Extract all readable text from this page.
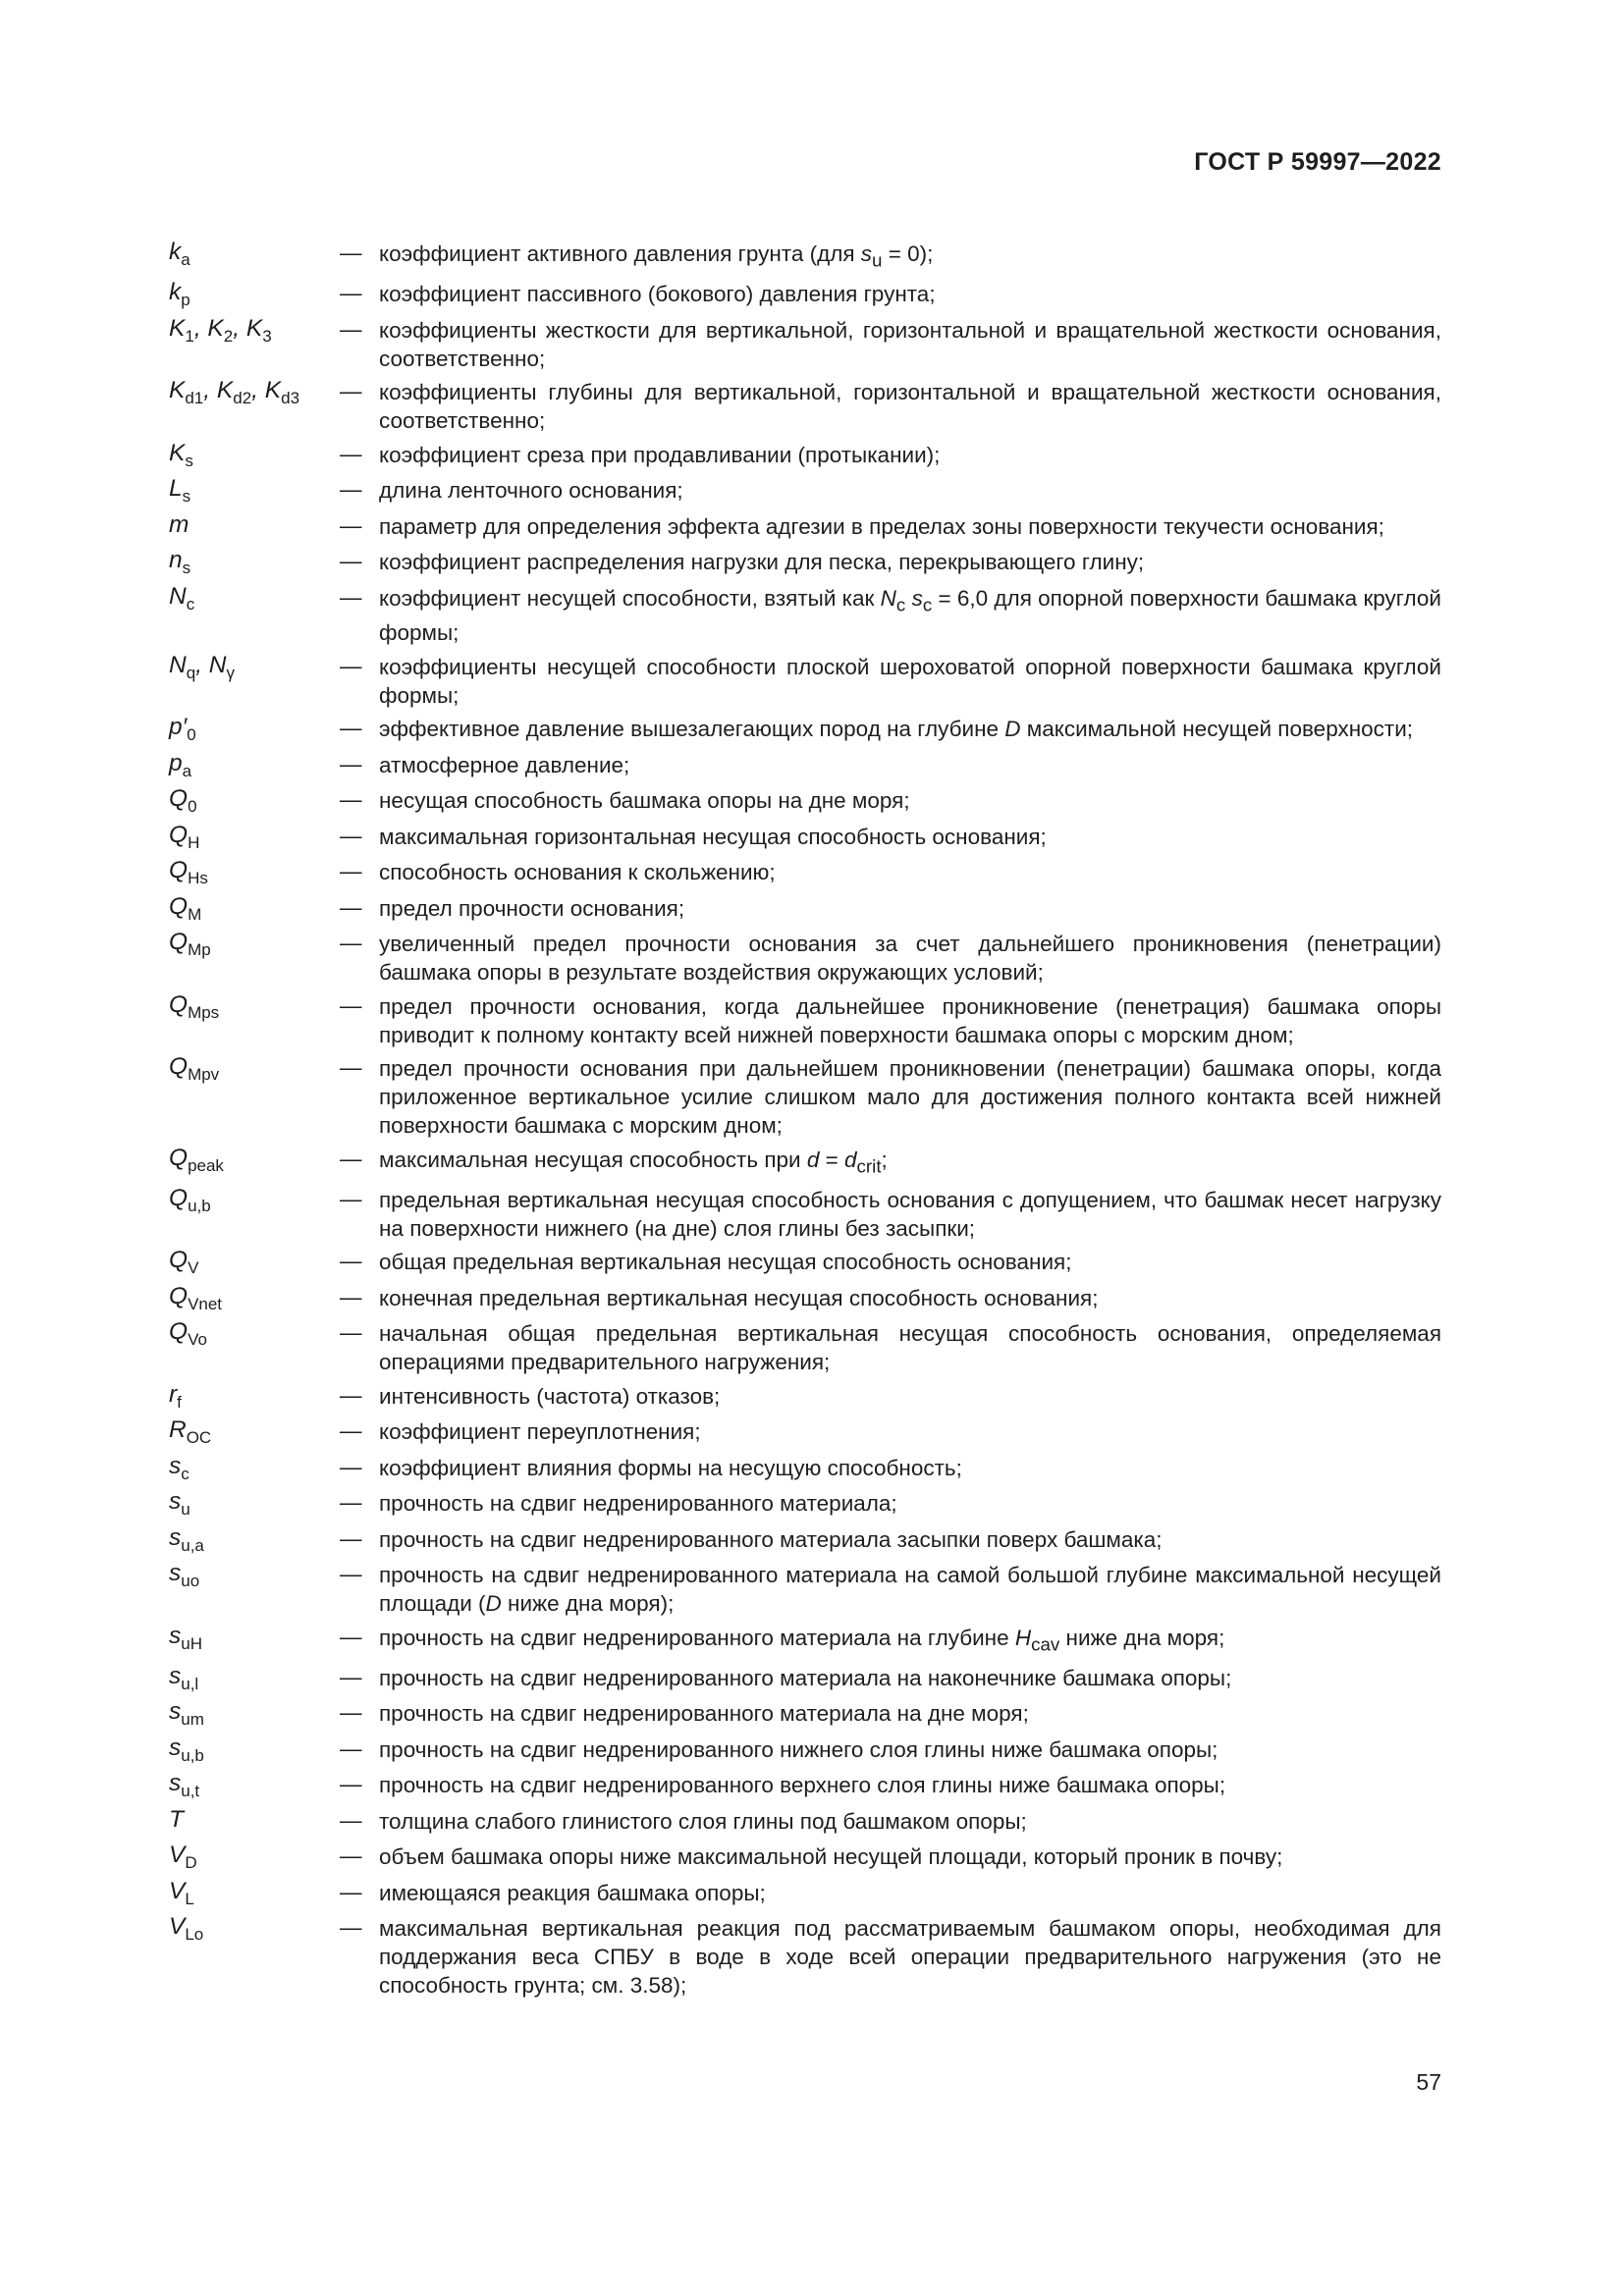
ГОСТ Р 59997—2022
$k_a$	— коэффициент активного давления грунта (для $s_u = 0$);
$k_p$	— коэффициент пассивного (бокового) давления грунта;
$K_1$, $K_2$, $K_3$	— коэффициенты жесткости для вертикальной, горизонтальной и вращательной жесткости основания, соответственно;
$K_{d1}$, $K_{d2}$, $K_{d3}$	— коэффициенты глубины для вертикальной, горизонтальной и вращательной жесткости основания, соответственно;
$K_s$	— коэффициент среза при продавливании (протыкании);
$L_s$	— длина ленточного основания;
m	— параметр для определения эффекта адгезии в пределах зоны поверхности текучести основания;
$n_s$	— коэффициент распределения нагрузки для песка, перекрывающего глину;
$N_c$	— коэффициент несущей способности, взятый как $N_c$ $s_c = 6,0$ для опорной поверхности башмака круглой формы;
$N_q$, $N_\gamma$	— коэффициенты несущей способности плоской шероховатой опорной поверхности башмака круглой формы;
$p'_0$	— эффективное давление вышезалегающих пород на глубине D максимальной несущей поверхности;
$p_a$	— атмосферное давление;
$Q_0$	— несущая способность башмака опоры на дне моря;
$Q_H$	— максимальная горизонтальная несущая способность основания;
$Q_{Hs}$	— способность основания к скольжению;
$Q_M$	— предел прочности основания;
$Q_{Mp}$	— увеличенный предел прочности основания за счет дальнейшего проникновения (пенетрации) башмака опоры в результате воздействия окружающих условий;
$Q_{Mps}$	— предел прочности основания, когда дальнейшее проникновение (пенетрация) башмака опоры приводит к полному контакту всей нижней поверхности башмака опоры с морским дном;
$Q_{Mpv}$	— предел прочности основания при дальнейшем проникновении (пенетрации) башмака опоры, когда приложенное вертикальное усилие слишком мало для достижения полного контакта всей нижней поверхности башмака с морским дном;
$Q_{peak}$	— максимальная несущая способность при $d = d_{crit}$;
$Q_{u,b}$	— предельная вертикальная несущая способность основания с допущением, что башмак несет нагрузку на поверхности нижнего (на дне) слоя глины без засыпки;
$Q_V$	— общая предельная вертикальная несущая способность основания;
$Q_{Vnet}$	— конечная предельная вертикальная несущая способность основания;
$Q_{Vo}$	— начальная общая предельная вертикальная несущая способность основания, определяемая операциями предварительного нагружения;
$r_f$	— интенсивность (частота) отказов;
$R_{OC}$	— коэффициент переуплотнения;
$s_c$	— коэффициент влияния формы на несущую способность;
$s_u$	— прочность на сдвиг недренированного материала;
$s_{u,a}$	— прочность на сдвиг недренированного материала засыпки поверх башмака;
$s_{uo}$	— прочность на сдвиг недренированного материала на самой большой глубине максимальной несущей площади (D ниже дна моря);
$s_{uH}$	— прочность на сдвиг недренированного материала на глубине $H_{cav}$ ниже дна моря;
$s_{u,l}$	— прочность на сдвиг недренированного материала на наконечнике башмака опоры;
$s_{um}$	— прочность на сдвиг недренированного материала на дне моря;
$s_{u,b}$	— прочность на сдвиг недренированного нижнего слоя глины ниже башмака опоры;
$s_{u,t}$	— прочность на сдвиг недренированного верхнего слоя глины ниже башмака опоры;
T	— толщина слабого глинистого слоя глины под башмаком опоры;
$V_D$	— объем башмака опоры ниже максимальной несущей площади, который проник в почву;
$V_L$	— имеющаяся реакция башмака опоры;
$V_{Lo}$	— максимальная вертикальная реакция под рассматриваемым башмаком опоры, необходимая для поддержания веса СПБУ в воде в ходе всей операции предварительного нагружения (это не способность грунта; см. 3.58);
57
